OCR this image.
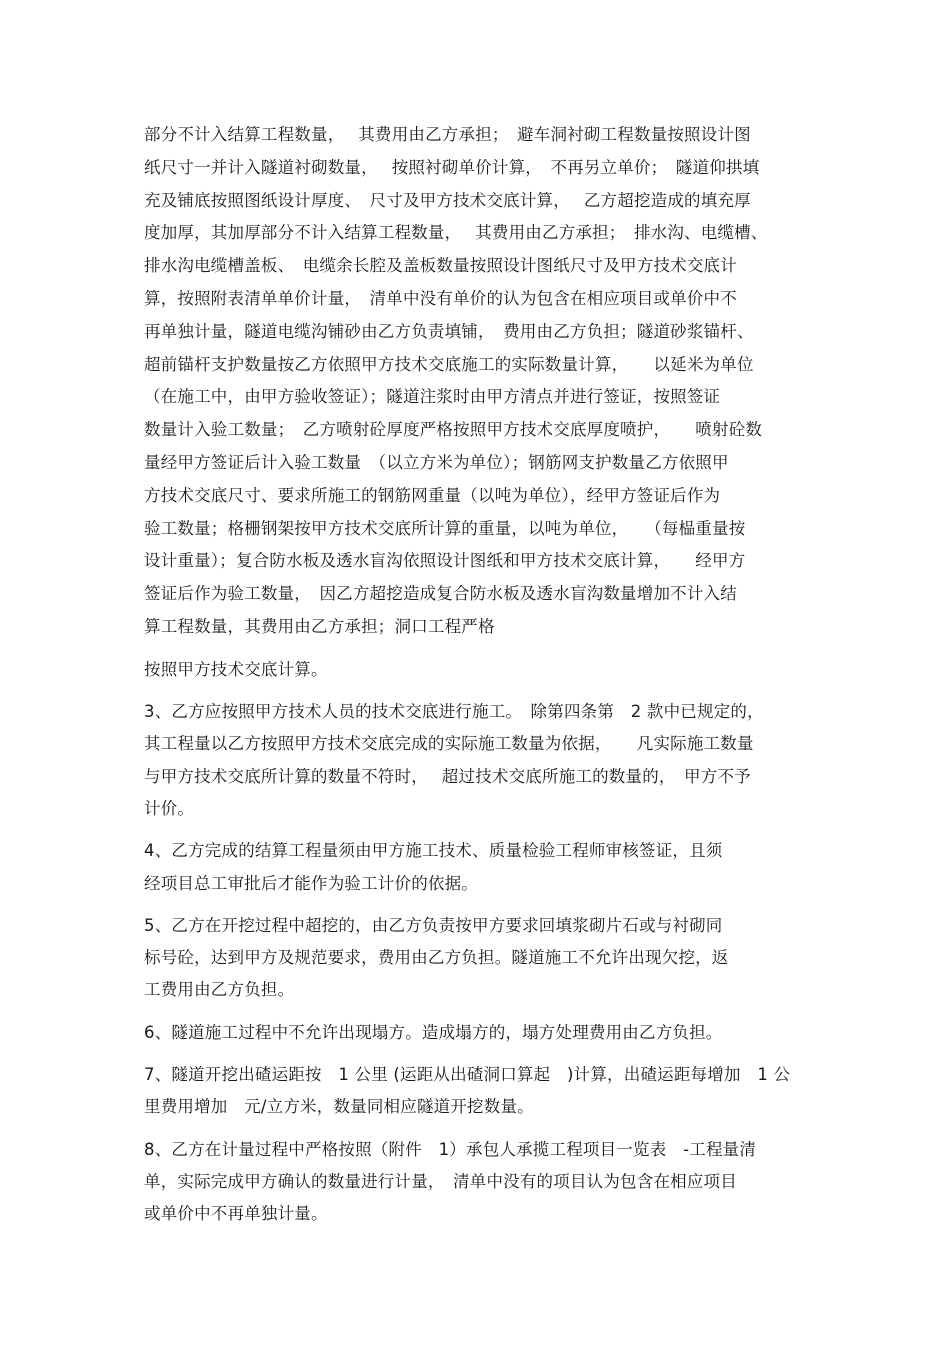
部分不计入结算工程数量，　 其费用由乙方承担；　避车洞衬砌工程数量按照设计图
纸尺寸一并计入隧道衬砌数量，　 按照衬砌单价计算，　不再另立单价；　隧道仰拱填
充及铺底按照图纸设计厚度、　尺寸及甲方技术交底计算，　 乙方超挖造成的填充厚
度加厚，其加厚部分不计入结算工程数量，　 其费用由乙方承担；　排水沟、电缆槽、
排水沟电缆槽盖板、　电缆余长腔及盖板数量按照设计图纸尺寸及甲方技术交底计
算，按照附表清单单价计量，　清单中没有单价的认为包含在相应项目或单价中不
再单独计量，隧道电缆沟铺砂由乙方负责填铺，　费用由乙方负担；隧道砂浆锚杆、
超前锚杆支护数量按乙方依照甲方技术交底施工的实际数量计算，　　以延米为单位
（在施工中，由甲方验收签证）；隧道注浆时由甲方清点并进行签证，按照签证
数量计入验工数量；　乙方喷射砼厚度严格按照甲方技术交底厚度喷护，　　喷射砼数
量经甲方签证后计入验工数量　（以立方米为单位）；钢筋网支护数量乙方依照甲
方技术交底尺寸、要求所施工的钢筋网重量（以吨为单位），经甲方签证后作为
验工数量；格栅钢架按甲方技术交底所计算的重量，以吨为单位，　　（每榀重量按
设计重量）；复合防水板及透水盲沟依照设计图纸和甲方技术交底计算，　　经甲方
签证后作为验工数量，　因乙方超挖造成复合防水板及透水盲沟数量增加不计入结
算工程数量，其费用由乙方承担；洞口工程严格

按照甲方技术交底计算。

3、乙方应按照甲方技术人员的技术交底进行施工。　除第四条第　2 款中已规定的，
其工程量以乙方按照甲方技术交底完成的实际施工数量为依据，　　凡实际施工数量
与甲方技术交底所计算的数量不符时，　 超过技术交底所施工的数量的，　甲方不予
计价。

4、乙方完成的结算工程量须由甲方施工技术、质量检验工程师审核签证，且须
经项目总工审批后才能作为验工计价的依据。

5、乙方在开挖过程中超挖的，由乙方负责按甲方要求回填浆砌片石或与衬砌同
标号砼，达到甲方及规范要求，费用由乙方负担。隧道施工不允许出现欠挖，返
工费用由乙方负担。

6、隧道施工过程中不允许出现塌方。造成塌方的，塌方处理费用由乙方负担。

7、隧道开挖出碴运距按　1 公里 (运距从出碴洞口算起　)计算，出碴运距每增加　1 公
里费用增加　元/立方米，数量同相应隧道开挖数量。

8、乙方在计量过程中严格按照（附件　1）承包人承揽工程项目一览表　-工程量清
单，实际完成甲方确认的数量进行计量，　清单中没有的项目认为包含在相应项目
或单价中不再单独计量。
